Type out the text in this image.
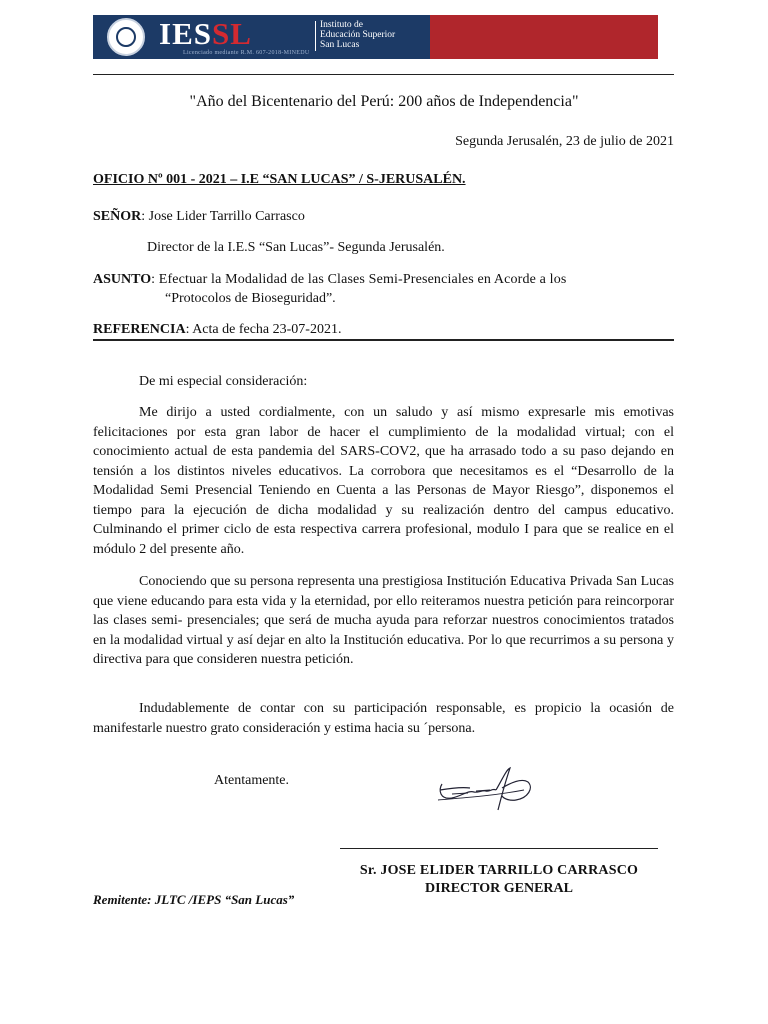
IESSL	Instituto de
Educación Superior
San Lucas
Licenciado mediante R.M. 607-2018-MINEDU
"Año del Bicentenario del Perú: 200 años de Independencia"
Segunda Jerusalén, 23 de julio de 2021
OFICIO Nº 001 - 2021 – I.E “SAN LUCAS” / S-JERUSALÉN.
SEÑOR: Jose Lider Tarrillo Carrasco
Director de la I.E.S “San Lucas”- Segunda Jerusalén.
ASUNTO: Efectuar la Modalidad de las Clases Semi-Presenciales en Acorde a los
“Protocolos de Bioseguridad”.
REFERENCIA: Acta de fecha 23-07-2021.
De mi especial consideración:

Me dirijo a usted cordialmente, con un saludo y así mismo expresarle mis emotivas felicitaciones por esta gran labor de hacer el cumplimiento de la modalidad virtual; con el conocimiento actual de esta pandemia del SARS-COV2, que ha arrasado todo a su paso dejando en tensión a los distintos niveles educativos. La corrobora que necesitamos es el “Desarrollo de la Modalidad Semi Presencial Teniendo en Cuenta a las Personas de Mayor Riesgo”, disponemos el tiempo para la ejecución de dicha modalidad y su realización dentro del campus educativo. Culminando el primer ciclo de esta respectiva carrera profesional, modulo I para que se realice en el módulo 2 del presente año.

Conociendo que su persona representa una prestigiosa Institución Educativa Privada San Lucas que viene educando para esta vida y la eternidad, por ello reiteramos nuestra petición para reincorporar las clases semi- presenciales; que será de mucha ayuda para reforzar nuestros conocimientos tratados en la modalidad virtual y así dejar en alto la Institución educativa. Por lo que recurrimos a su persona y directiva para que consideren nuestra petición.

Indudablemente de contar con su participación responsable, es propicio la ocasión de manifestarle nuestro grato consideración y estima hacia su ´persona.

Atentamente.
Sr. JOSE ELIDER TARRILLO CARRASCO
DIRECTOR GENERAL
Remitente: JLTC /IEPS “San Lucas”
